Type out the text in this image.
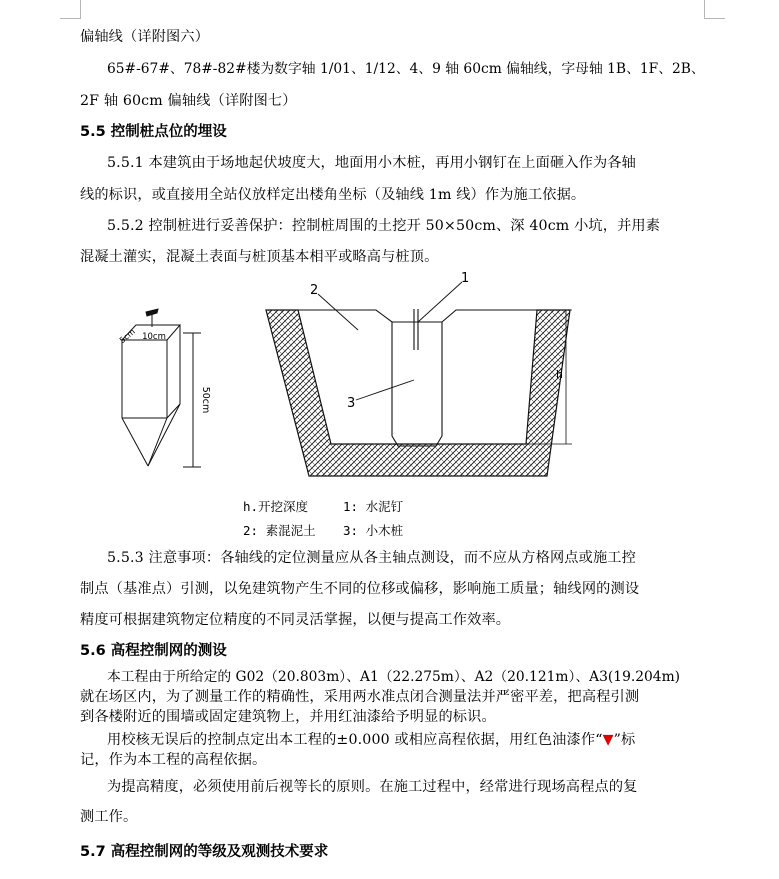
偏轴线（详附图六）
65#-67#、78#-82#楼为数字轴 1/01、1/12、4、9 轴 60cm 偏轴线，字母轴 1B、1F、2B、
2F 轴 60cm 偏轴线（详附图七）
5.5 控制桩点位的埋设
5.5.1 本建筑由于场地起伏坡度大，地面用小木桩，再用小钢钉在上面砸入作为各轴
线的标识，或直接用全站仪放样定出楼角坐标（及轴线 1m 线）作为施工依据。
5.5.2 控制桩进行妥善保护：控制桩周围的土挖开 50×50cm、深 40cm 小坑，并用素
混凝土灌实，混凝土表面与桩顶基本相平或略高与桩顶。
10cm
5cm
50cm
1
2
3
h
h.开挖深度	1: 水泥钉
2: 素混泥土 3: 小木桩
5.5.3 注意事项：各轴线的定位测量应从各主轴点测设，而不应从方格网点或施工控
制点（基准点）引测，以免建筑物产生不同的位移或偏移，影响施工质量；轴线网的测设
精度可根据建筑物定位精度的不同灵活掌握，以便与提高工作效率。
5.6 高程控制网的测设
本工程由于所给定的 G02（20.803m）、A1（22.275m）、A2（20.121m）、A3(19.204m)
就在场区内，为了测量工作的精确性，采用两水准点闭合测量法并严密平差，把高程引测
到各楼附近的围墙或固定建筑物上，并用红油漆给予明显的标识。
用校核无误后的控制点定出本工程的±0.000 或相应高程依据，用红色油漆作“▼”标
记，作为本工程的高程依据。
为提高精度，必须使用前后视等长的原则。在施工过程中，经常进行现场高程点的复
测工作。
5.7 高程控制网的等级及观测技术要求
